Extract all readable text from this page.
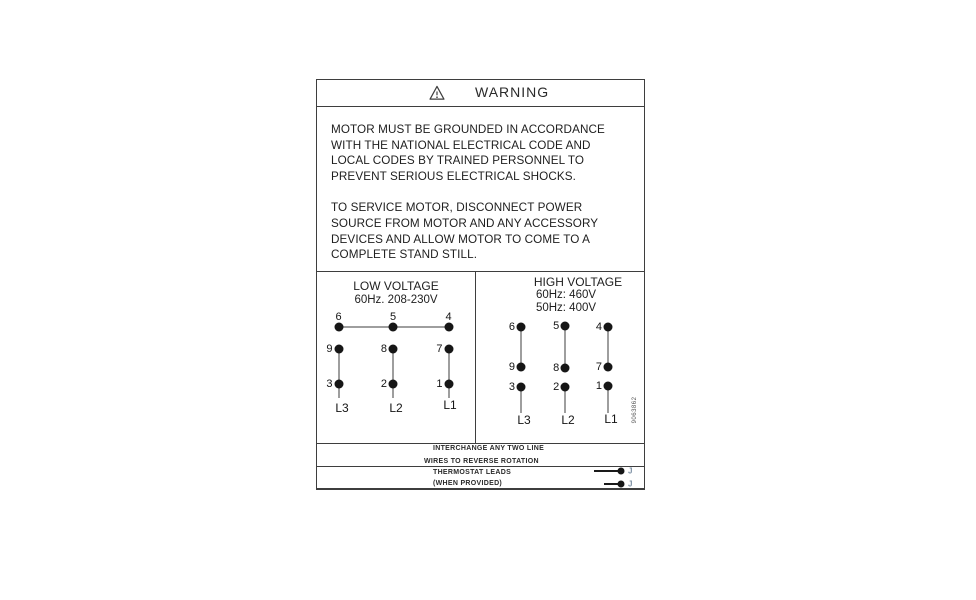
WARNING
MOTOR MUST BE GROUNDED IN ACCORDANCE
WITH THE NATIONAL ELECTRICAL CODE AND
LOCAL CODES BY TRAINED PERSONNEL TO
PREVENT SERIOUS ELECTRICAL SHOCKS.
TO SERVICE MOTOR, DISCONNECT POWER
SOURCE FROM MOTOR AND ANY ACCESSORY
DEVICES AND ALLOW MOTOR TO COME TO A
COMPLETE STAND STILL.
LOW VOLTAGE
60Hz. 208-230V
6	5	4
9	8	7
3	2	1
L3	L2	L1
HIGH VOLTAGE
60Hz: 460V
50Hz: 400V
6	5	4
9	8	7
3	2	1
L3	L2 L1 9063862
INTERCHANGE ANY TWO LINE
WIRES TO REVERSE ROTATION
THERMOSTAT LEADS
(WHEN PROVIDED)
J
J
